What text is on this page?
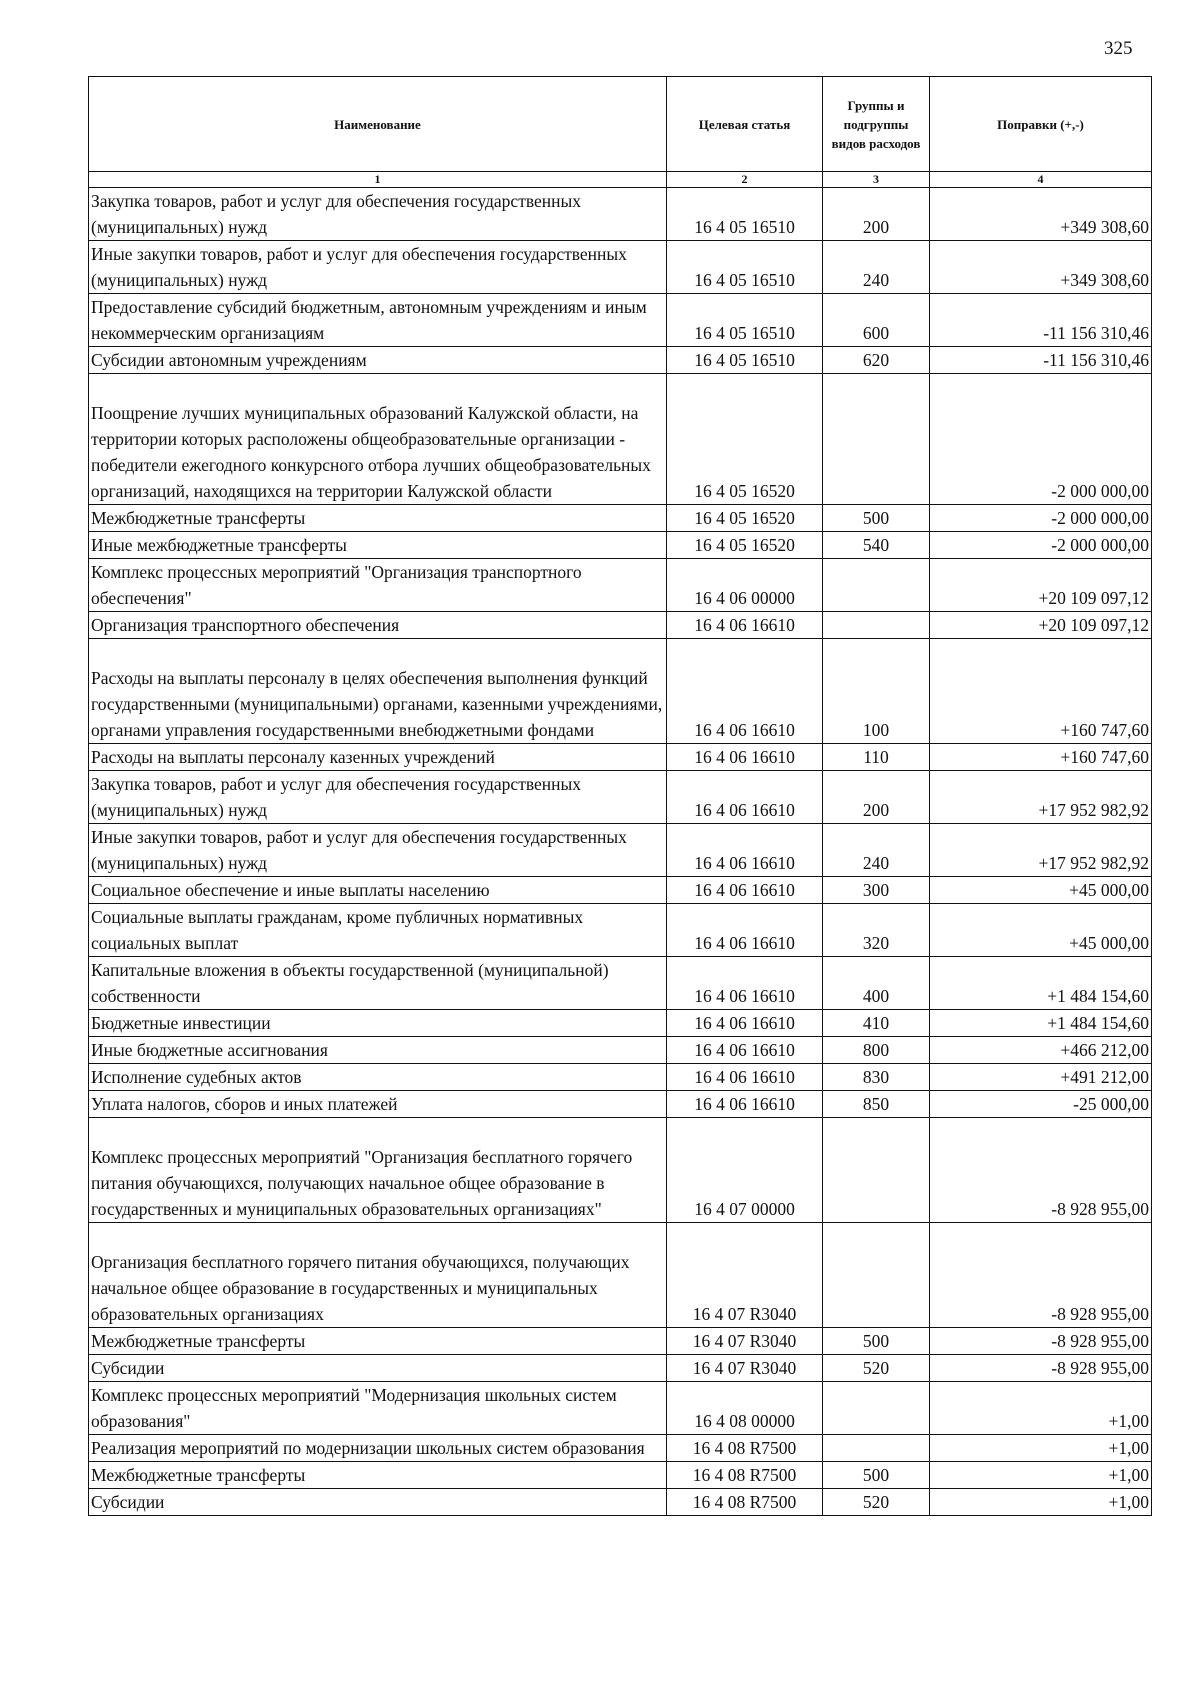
325
Наименование	Целевая статья	Группы и подгруппы видов расходов	Поправки (+,-)
1	2	3	4
Закупка товаров, работ и услуг для обеспечения государственных (муниципальных) нужд	16 4 05 16510	200	+349 308,60
Иные закупки товаров, работ и услуг для обеспечения государственных (муниципальных) нужд	16 4 05 16510	240	+349 308,60
Предоставление субсидий бюджетным, автономным учреждениям и иным некоммерческим организациям	16 4 05 16510	600	-11 156 310,46
Субсидии автономным учреждениям	16 4 05 16510	620	-11 156 310,46
Поощрение лучших муниципальных образований Калужской области, на территории которых расположены общеобразовательные организации - победители ежегодного конкурсного отбора лучших общеобразовательных организаций, находящихся на территории Калужской области	16 4 05 16520		-2 000 000,00
Межбюджетные трансферты	16 4 05 16520	500	-2 000 000,00
Иные межбюджетные трансферты	16 4 05 16520	540	-2 000 000,00
Комплекс процессных мероприятий "Организация транспортного обеспечения"	16 4 06 00000		+20 109 097,12
Организация транспортного обеспечения	16 4 06 16610		+20 109 097,12
Расходы на выплаты персоналу в целях обеспечения выполнения функций государственными (муниципальными) органами, казенными учреждениями, органами управления государственными внебюджетными фондами	16 4 06 16610	100	+160 747,60
Расходы на выплаты персоналу казенных учреждений	16 4 06 16610	110	+160 747,60
Закупка товаров, работ и услуг для обеспечения государственных (муниципальных) нужд	16 4 06 16610	200	+17 952 982,92
Иные закупки товаров, работ и услуг для обеспечения государственных (муниципальных) нужд	16 4 06 16610	240	+17 952 982,92
Социальное обеспечение и иные выплаты населению	16 4 06 16610	300	+45 000,00
Социальные выплаты гражданам, кроме публичных нормативных социальных выплат	16 4 06 16610	320	+45 000,00
Капитальные вложения в объекты государственной (муниципальной) собственности	16 4 06 16610	400	+1 484 154,60
Бюджетные инвестиции	16 4 06 16610	410	+1 484 154,60
Иные бюджетные ассигнования	16 4 06 16610	800	+466 212,00
Исполнение судебных актов	16 4 06 16610	830	+491 212,00
Уплата налогов, сборов и иных платежей	16 4 06 16610	850	-25 000,00
Комплекс процессных мероприятий "Организация бесплатного горячего питания обучающихся, получающих начальное общее образование в государственных и муниципальных образовательных организациях"	16 4 07 00000		-8 928 955,00
Организация бесплатного горячего питания обучающихся, получающих начальное общее образование в государственных и муниципальных образовательных организациях	16 4 07 R3040		-8 928 955,00
Межбюджетные трансферты	16 4 07 R3040	500	-8 928 955,00
Субсидии	16 4 07 R3040	520	-8 928 955,00
Комплекс процессных мероприятий "Модернизация школьных систем образования"	16 4 08 00000		+1,00
Реализация мероприятий по модернизации школьных систем образования	16 4 08 R7500		+1,00
Межбюджетные трансферты	16 4 08 R7500	500	+1,00
Субсидии	16 4 08 R7500	520	+1,00
